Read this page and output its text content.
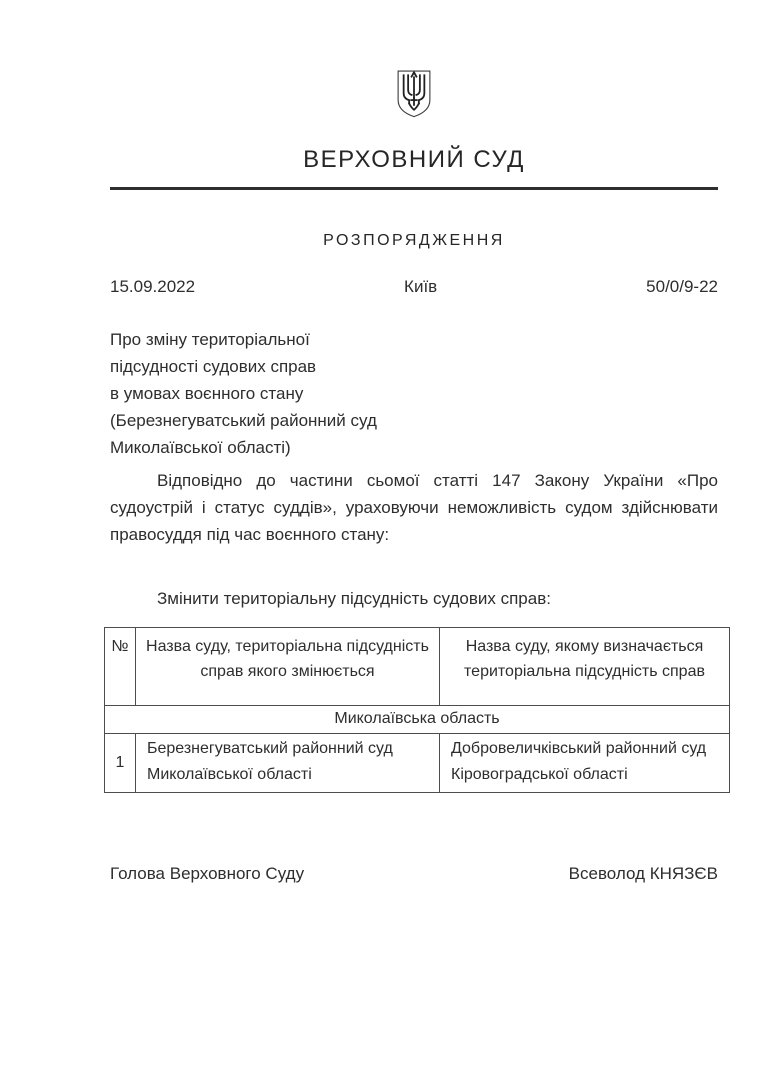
ВЕРХОВНИЙ СУД
РОЗПОРЯДЖЕННЯ
15.09.2022	Київ	50/0/9-22
Про зміну територіальної
підсудності судових справ
в умовах воєнного стану
(Березнегуватський районний суд
Миколаївської області)

Відповідно до частини сьомої статті 147 Закону України «Про судоустрій і статус суддів», ураховуючи неможливість судом здійснювати правосуддя під час воєнного стану:

Змінити територіальну підсудність судових справ:

№	Назва суду, територіальна підсудність справ якого змінюється	Назва суду, якому визначається територіальна підсудність справ
Миколаївська область		
1	Березнегуватський районний суд Миколаївської області	Добровеличківський районний суд Кіровоградської області
Голова Верховного Суду	Всеволод КНЯЗЄВ
